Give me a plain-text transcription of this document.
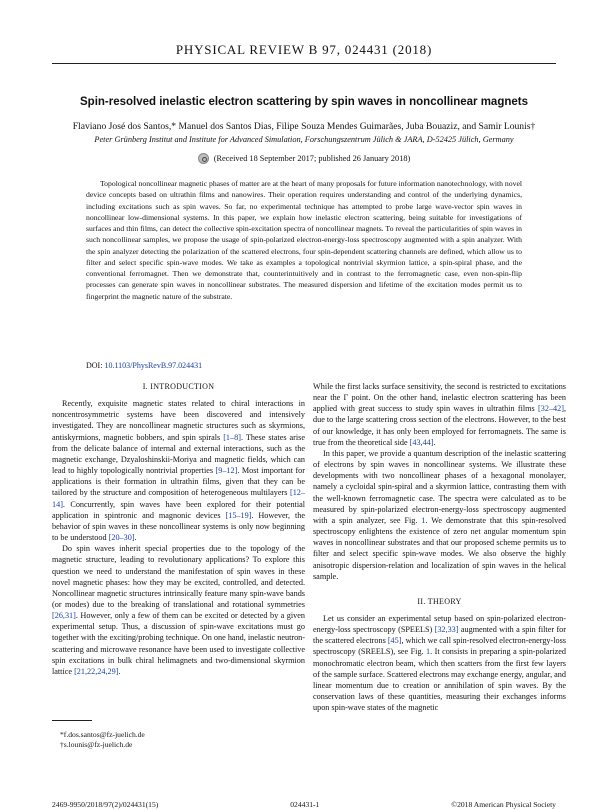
PHYSICAL REVIEW B 97, 024431 (2018)
Spin-resolved inelastic electron scattering by spin waves in noncollinear magnets
Flaviano José dos Santos,* Manuel dos Santos Dias, Filipe Souza Mendes Guimarães, Juba Bouaziz, and Samir Lounis†
Peter Grünberg Institut and Institute for Advanced Simulation, Forschungszentrum Jülich & JARA, D-52425 Jülich, Germany
(Received 18 September 2017; published 26 January 2018)
Topological noncollinear magnetic phases of matter are at the heart of many proposals for future information nanotechnology, with novel device concepts based on ultrathin films and nanowires. Their operation requires understanding and control of the underlying dynamics, including excitations such as spin waves. So far, no experimental technique has attempted to probe large wave-vector spin waves in noncollinear low-dimensional systems. In this paper, we explain how inelastic electron scattering, being suitable for investigations of surfaces and thin films, can detect the collective spin-excitation spectra of noncollinear magnets. To reveal the particularities of spin waves in such noncollinear samples, we propose the usage of spin-polarized electron-energy-loss spectroscopy augmented with a spin analyzer. With the spin analyzer detecting the polarization of the scattered electrons, four spin-dependent scattering channels are defined, which allow us to filter and select specific spin-wave modes. We take as examples a topological nontrivial skyrmion lattice, a spin-spiral phase, and the conventional ferromagnet. Then we demonstrate that, counterintuitively and in contrast to the ferromagnetic case, even non-spin-flip processes can generate spin waves in noncollinear substrates. The measured dispersion and lifetime of the excitation modes permit us to fingerprint the magnetic nature of the substrate.
DOI: 10.1103/PhysRevB.97.024431
I. INTRODUCTION

Recently, exquisite magnetic states related to chiral interactions in noncentrosymmetric systems have been discovered and intensively investigated. They are noncollinear magnetic structures such as skyrmions, antiskyrmions, magnetic bobbers, and spin spirals [1–8]. These states arise from the delicate balance of internal and external interactions, such as the magnetic exchange, Dzyaloshinskii-Moriya and magnetic fields, which can lead to highly topologically nontrivial properties [9–12]. Most important for applications is their formation in ultrathin films, given that they can be tailored by the structure and composition of heterogeneous multilayers [12–14]. Concurrently, spin waves have been explored for their potential application in spintronic and magnonic devices [15–19]. However, the behavior of spin waves in these noncollinear systems is only now beginning to be understood [20–30].

Do spin waves inherit special properties due to the topology of the magnetic structure, leading to revolutionary applications? To explore this question we need to understand the manifestation of spin waves in these novel magnetic phases: how they may be excited, controlled, and detected. Noncollinear magnetic structures intrinsically feature many spin-wave bands (or modes) due to the breaking of translational and rotational symmetries [26,31]. However, only a few of them can be excited or detected by a given experimental setup. Thus, a discussion of spin-wave excitations must go together with the exciting/probing technique. On one hand, inelastic neutron-scattering and microwave resonance have been used to investigate collective spin excitations in bulk chiral helimagnets and two-dimensional skyrmion lattice [21,22,24,29].

While the first lacks surface sensitivity, the second is restricted to excitations near the Γ point. On the other hand, inelastic electron scattering has been applied with great success to study spin waves in ultrathin films [32–42], due to the large scattering cross section of the electrons. However, to the best of our knowledge, it has only been employed for ferromagnets. The same is true from the theoretical side [43,44].

In this paper, we provide a quantum description of the inelastic scattering of electrons by spin waves in noncollinear systems. We illustrate these developments with two noncollinear phases of a hexagonal monolayer, namely a cycloidal spin-spiral and a skyrmion lattice, contrasting them with the well-known ferromagnetic case. The spectra were calculated as to be measured by spin-polarized electron-energy-loss spectroscopy augmented with a spin analyzer, see Fig. 1. We demonstrate that this spin-resolved spectroscopy enlightens the existence of zero net angular momentum spin waves in noncollinear substrates and that our proposed scheme permits us to filter and select specific spin-wave modes. We also observe the highly anisotropic dispersion-relation and localization of spin waves in the helical sample.

II. THEORY

Let us consider an experimental setup based on spin-polarized electron-energy-loss spectroscopy (SPEELS) [32,33] augmented with a spin filter for the scattered electrons [45], which we call spin-resolved electron-energy-loss spectroscopy (SREELS), see Fig. 1. It consists in preparing a spin-polarized monochromatic electron beam, which then scatters from the first few layers of the sample surface. Scattered electrons may exchange energy, angular, and linear momentum due to creation or annihilation of spin waves. By the conservation laws of these quantities, measuring their exchanges informs upon spin-wave states of the magnetic

*f.dos.santos@fz-juelich.de
†s.lounis@fz-juelich.de
2469-9950/2018/97(2)/024431(15)	024431-1	©2018 American Physical Society
